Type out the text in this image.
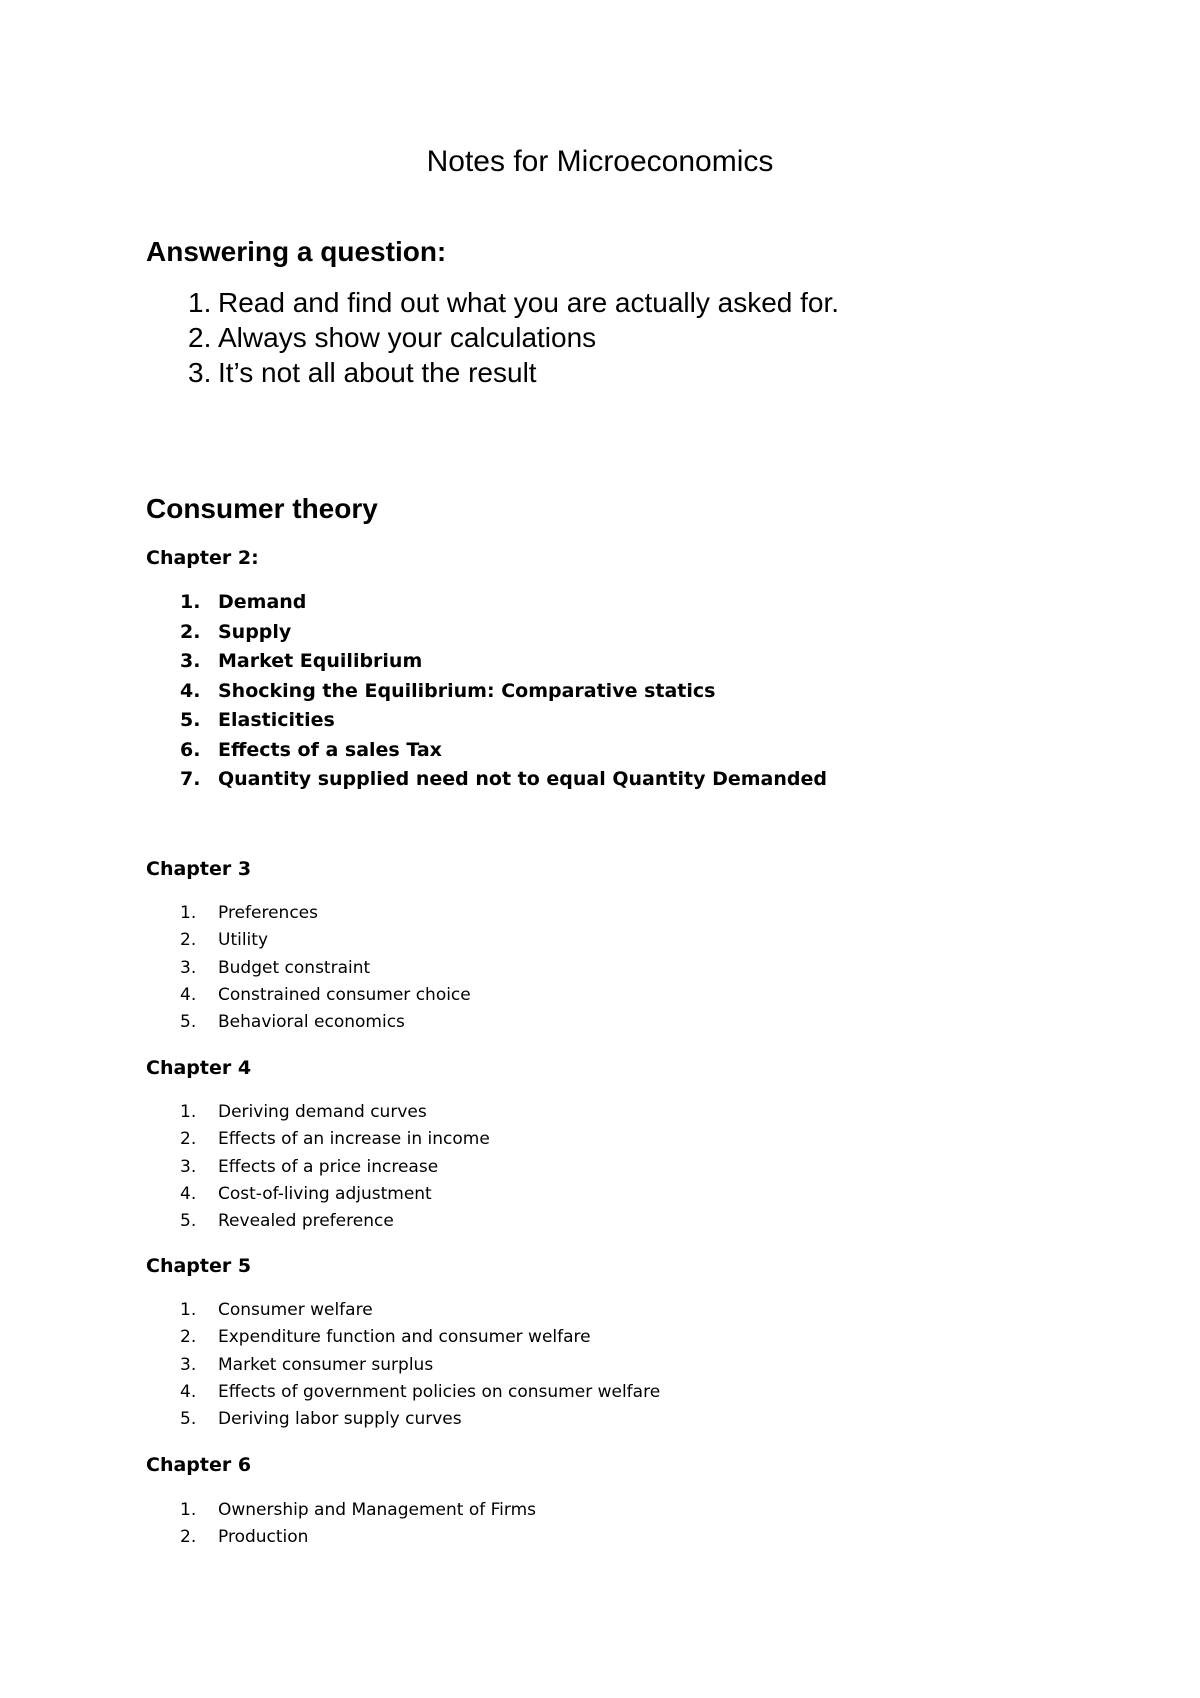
Notes for Microeconomics
Answering a question:
1. Read and find out what you are actually asked for.
2. Always show your calculations
3. It’s not all about the result
Consumer theory
Chapter 2:
1. Demand
2. Supply
3. Market Equilibrium
4. Shocking the Equilibrium: Comparative statics
5. Elasticities
6. Effects of a sales Tax
7. Quantity supplied need not to equal Quantity Demanded
Chapter 3
1. Preferences
2. Utility
3. Budget constraint
4. Constrained consumer choice
5. Behavioral economics
Chapter 4
1. Deriving demand curves
2. Effects of an increase in income
3. Effects of a price increase
4. Cost-of-living adjustment
5. Revealed preference
Chapter 5
1. Consumer welfare
2. Expenditure function and consumer welfare
3. Market consumer surplus
4. Effects of government policies on consumer welfare
5. Deriving labor supply curves
Chapter 6
1. Ownership and Management of Firms
2. Production
